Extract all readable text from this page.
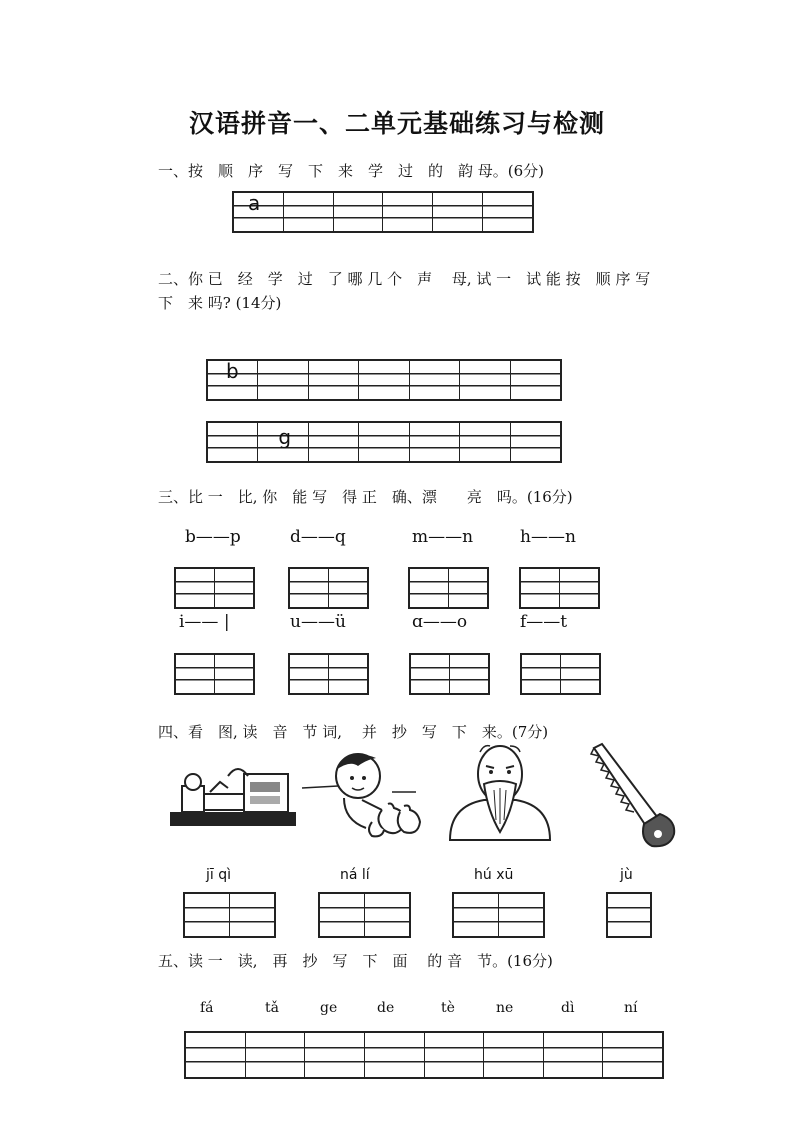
汉语拼音一、二单元基础练习与检测
一、按　顺　序　写　下　来　学　过　的　韵 母。(6分)
a
二、你 已　经　学　过　了 哪 几 个　声　 母, 试 一　试 能 按　顺 序 写
下　来 吗? (14分)
b
g
三、比 一　比, 你　能 写　得 正　确、漂　　亮　吗。(16分)
b——p	d——q	m——n	h——n
i—— |	u——ü	ɑ——o	f——t
四、看　图, 读　音　节 词,　 并　抄　写　下　来。(7分)
jī qì	ná lí	hú xū	jù
五、读 一　读,　再　抄　写　下　面　 的 音　节。(16分)
fá	tǎ	ge	de	tè	ne	dì	ní
